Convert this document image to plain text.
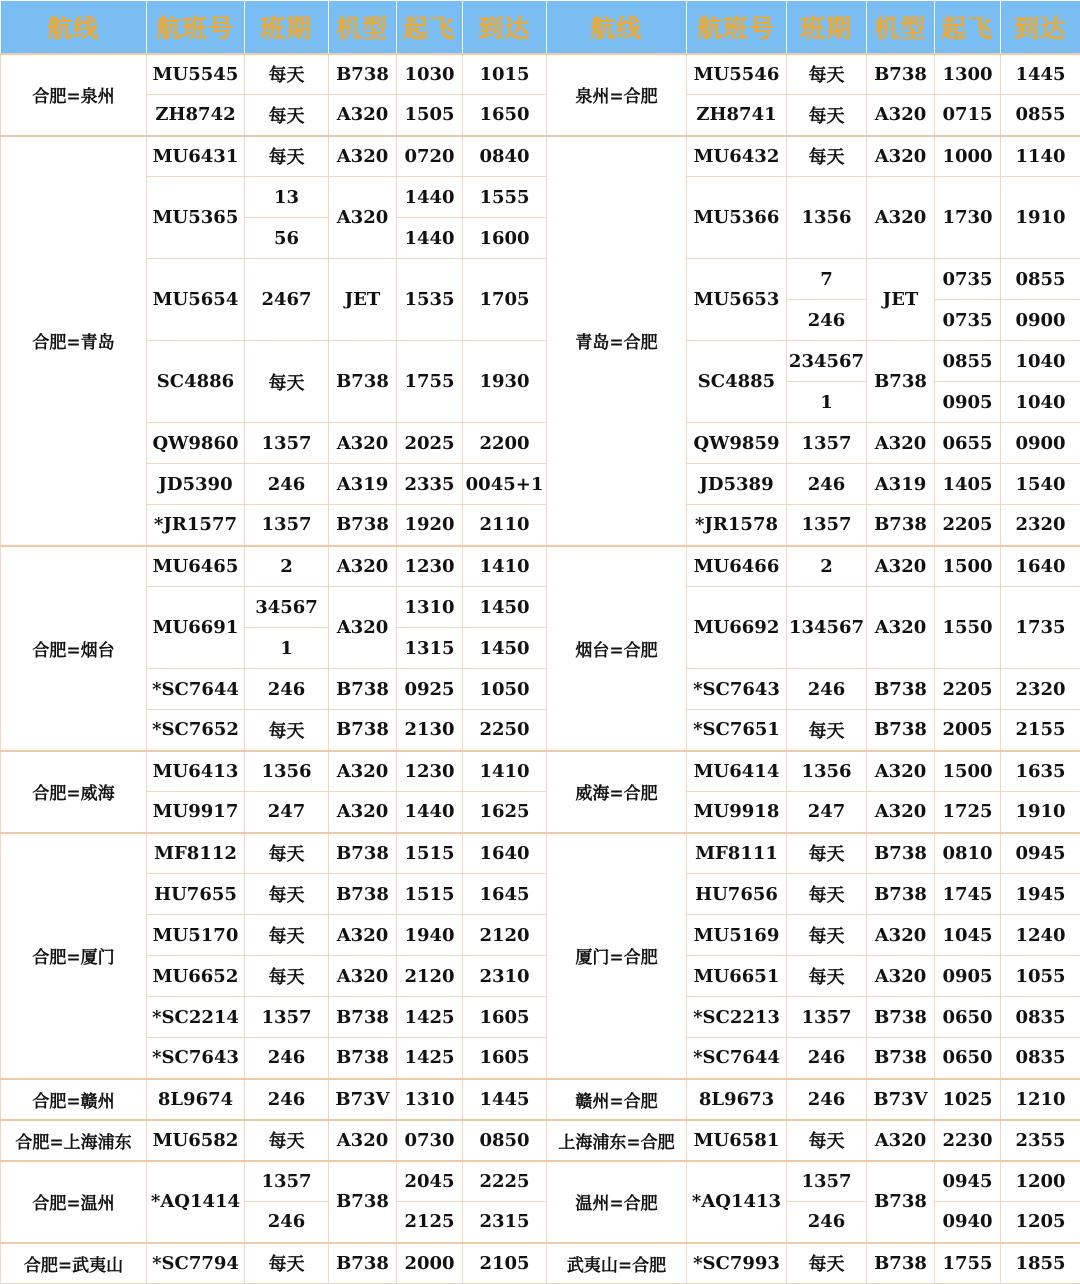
航线	航班号	班期	机型	起飞	到达	航线	航班号	班期	机型	起飞	到达
合肥=泉州	MU5545	每天	B738	1030	1015	泉州=合肥	MU5546	每天	B738	1300	1445
	ZH8742	每天	A320	1505	1650		ZH8741	每天	A320	0715	0855
合肥=青岛	MU6431	每天	A320	0720	0840	青岛=合肥	MU6432	每天	A320	1000	1140
	MU5365	13	A320	1440	1555		MU5366	1356	A320	1730	1910
		56		1440	1600						
	MU5654	2467	JET	1535	1705		MU5653	7	JET	0735	0855
								246		0735	0900
	SC4886	每天	B738	1755	1930		SC4885	234567	B738	0855	1040
								1		0905	1040
	QW9860	1357	A320	2025	2200		QW9859	1357	A320	0655	0900
	JD5390	246	A319	2335	0045+1		JD5389	246	A319	1405	1540
	*JR1577	1357	B738	1920	2110		*JR1578	1357	B738	2205	2320
合肥=烟台	MU6465	2	A320	1230	1410	烟台=合肥	MU6466	2	A320	1500	1640
	MU6691	34567	A320	1310	1450		MU6692	134567	A320	1550	1735
		1		1315	1450						
	*SC7644	246	B738	0925	1050		*SC7643	246	B738	2205	2320
	*SC7652	每天	B738	2130	2250		*SC7651	每天	B738	2005	2155
合肥=威海	MU6413	1356	A320	1230	1410	威海=合肥	MU6414	1356	A320	1500	1635
	MU9917	247	A320	1440	1625		MU9918	247	A320	1725	1910
合肥=厦门	MF8112	每天	B738	1515	1640	厦门=合肥	MF8111	每天	B738	0810	0945
	HU7655	每天	B738	1515	1645		HU7656	每天	B738	1745	1945
	MU5170	每天	A320	1940	2120		MU5169	每天	A320	1045	1240
	MU6652	每天	A320	2120	2310		MU6651	每天	A320	0905	1055
	*SC2214	1357	B738	1425	1605		*SC2213	1357	B738	0650	0835
	*SC7643	246	B738	1425	1605		*SC7644	246	B738	0650	0835
合肥=赣州	8L9674	246	B73V	1310	1445	赣州=合肥	8L9673	246	B73V	1025	1210
合肥=上海浦东	MU6582	每天	A320	0730	0850	上海浦东=合肥	MU6581	每天	A320	2230	2355
合肥=温州	*AQ1414	1357	B738	2045	2225	温州=合肥	*AQ1413	1357	B738	0945	1200
		246		2125	2315			246		0940	1205
合肥=武夷山	*SC7794	每天	B738	2000	2105	武夷山=合肥	*SC7993	每天	B738	1755	1855
